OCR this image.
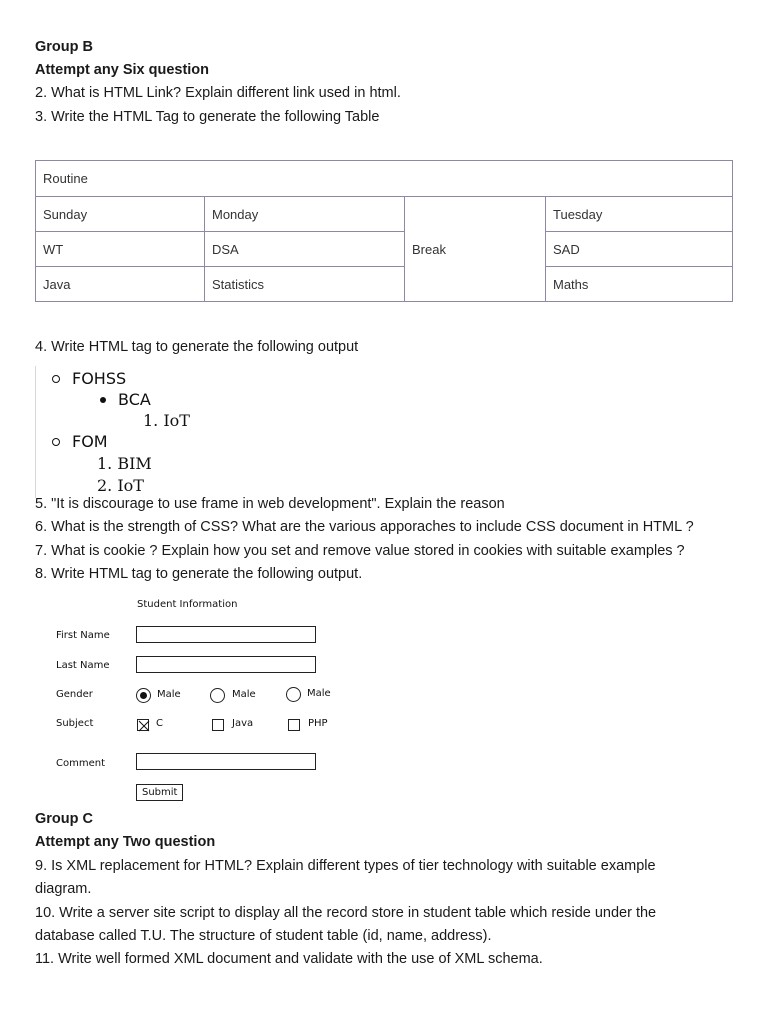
Group B
Attempt any Six question
2. What is HTML Link? Explain different link used in html.
3. Write the HTML Tag to generate the following Table
Routine			
Sunday	Monday	Break	Tuesday
WT	DSA		SAD
Java	Statistics		Maths
4. Write HTML tag to generate the following output
FOHSS
BCA
1. IoT
FOM
1. BIM
2. IoT
5. "It is discourage to use frame in web development". Explain the reason
6. What is the strength of CSS? What are the various apporaches to include CSS document in HTML ?
7. What is cookie ? Explain how you set and remove value stored in cookies with suitable examples ?
8. Write HTML tag to generate the following output.
Student Information
First Name
Last Name
Gender	Male	Male	Male
Subject	C	Java	PHP
Comment
Submit
Group C
Attempt any Two question
9. Is XML replacement for HTML? Explain different types of tier technology with suitable example diagram.
10. Write a server site script to display all the record store in student table which reside under the database called T.U. The structure of student table (id, name, address).
11. Write well formed XML document and validate with the use of XML schema.
